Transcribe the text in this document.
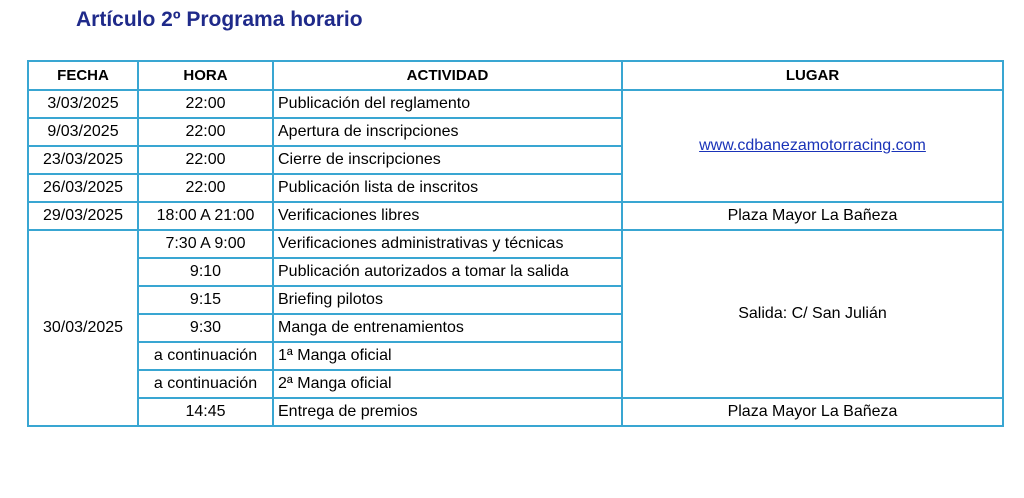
Artículo 2º Programa horario
FECHA	HORA	ACTIVIDAD	LUGAR
3/03/2025	22:00	Publicación del reglamento	www.cdbanezamotorracing.com
9/03/2025	22:00	Apertura de inscripciones	
23/03/2025	22:00	Cierre de inscripciones	
26/03/2025	22:00	Publicación lista de inscritos	
29/03/2025	18:00 A 21:00	Verificaciones libres	Plaza Mayor La Bañeza
30/03/2025	7:30 A 9:00	Verificaciones administrativas y técnicas	Salida: C/ San Julián
	9:10	Publicación autorizados a tomar la salida	
	9:15	Briefing pilotos	
	9:30	Manga de entrenamientos	
	a continuación	1ª Manga oficial	
	a continuación	2ª Manga oficial	
	14:45	Entrega de premios	Plaza Mayor La Bañeza
